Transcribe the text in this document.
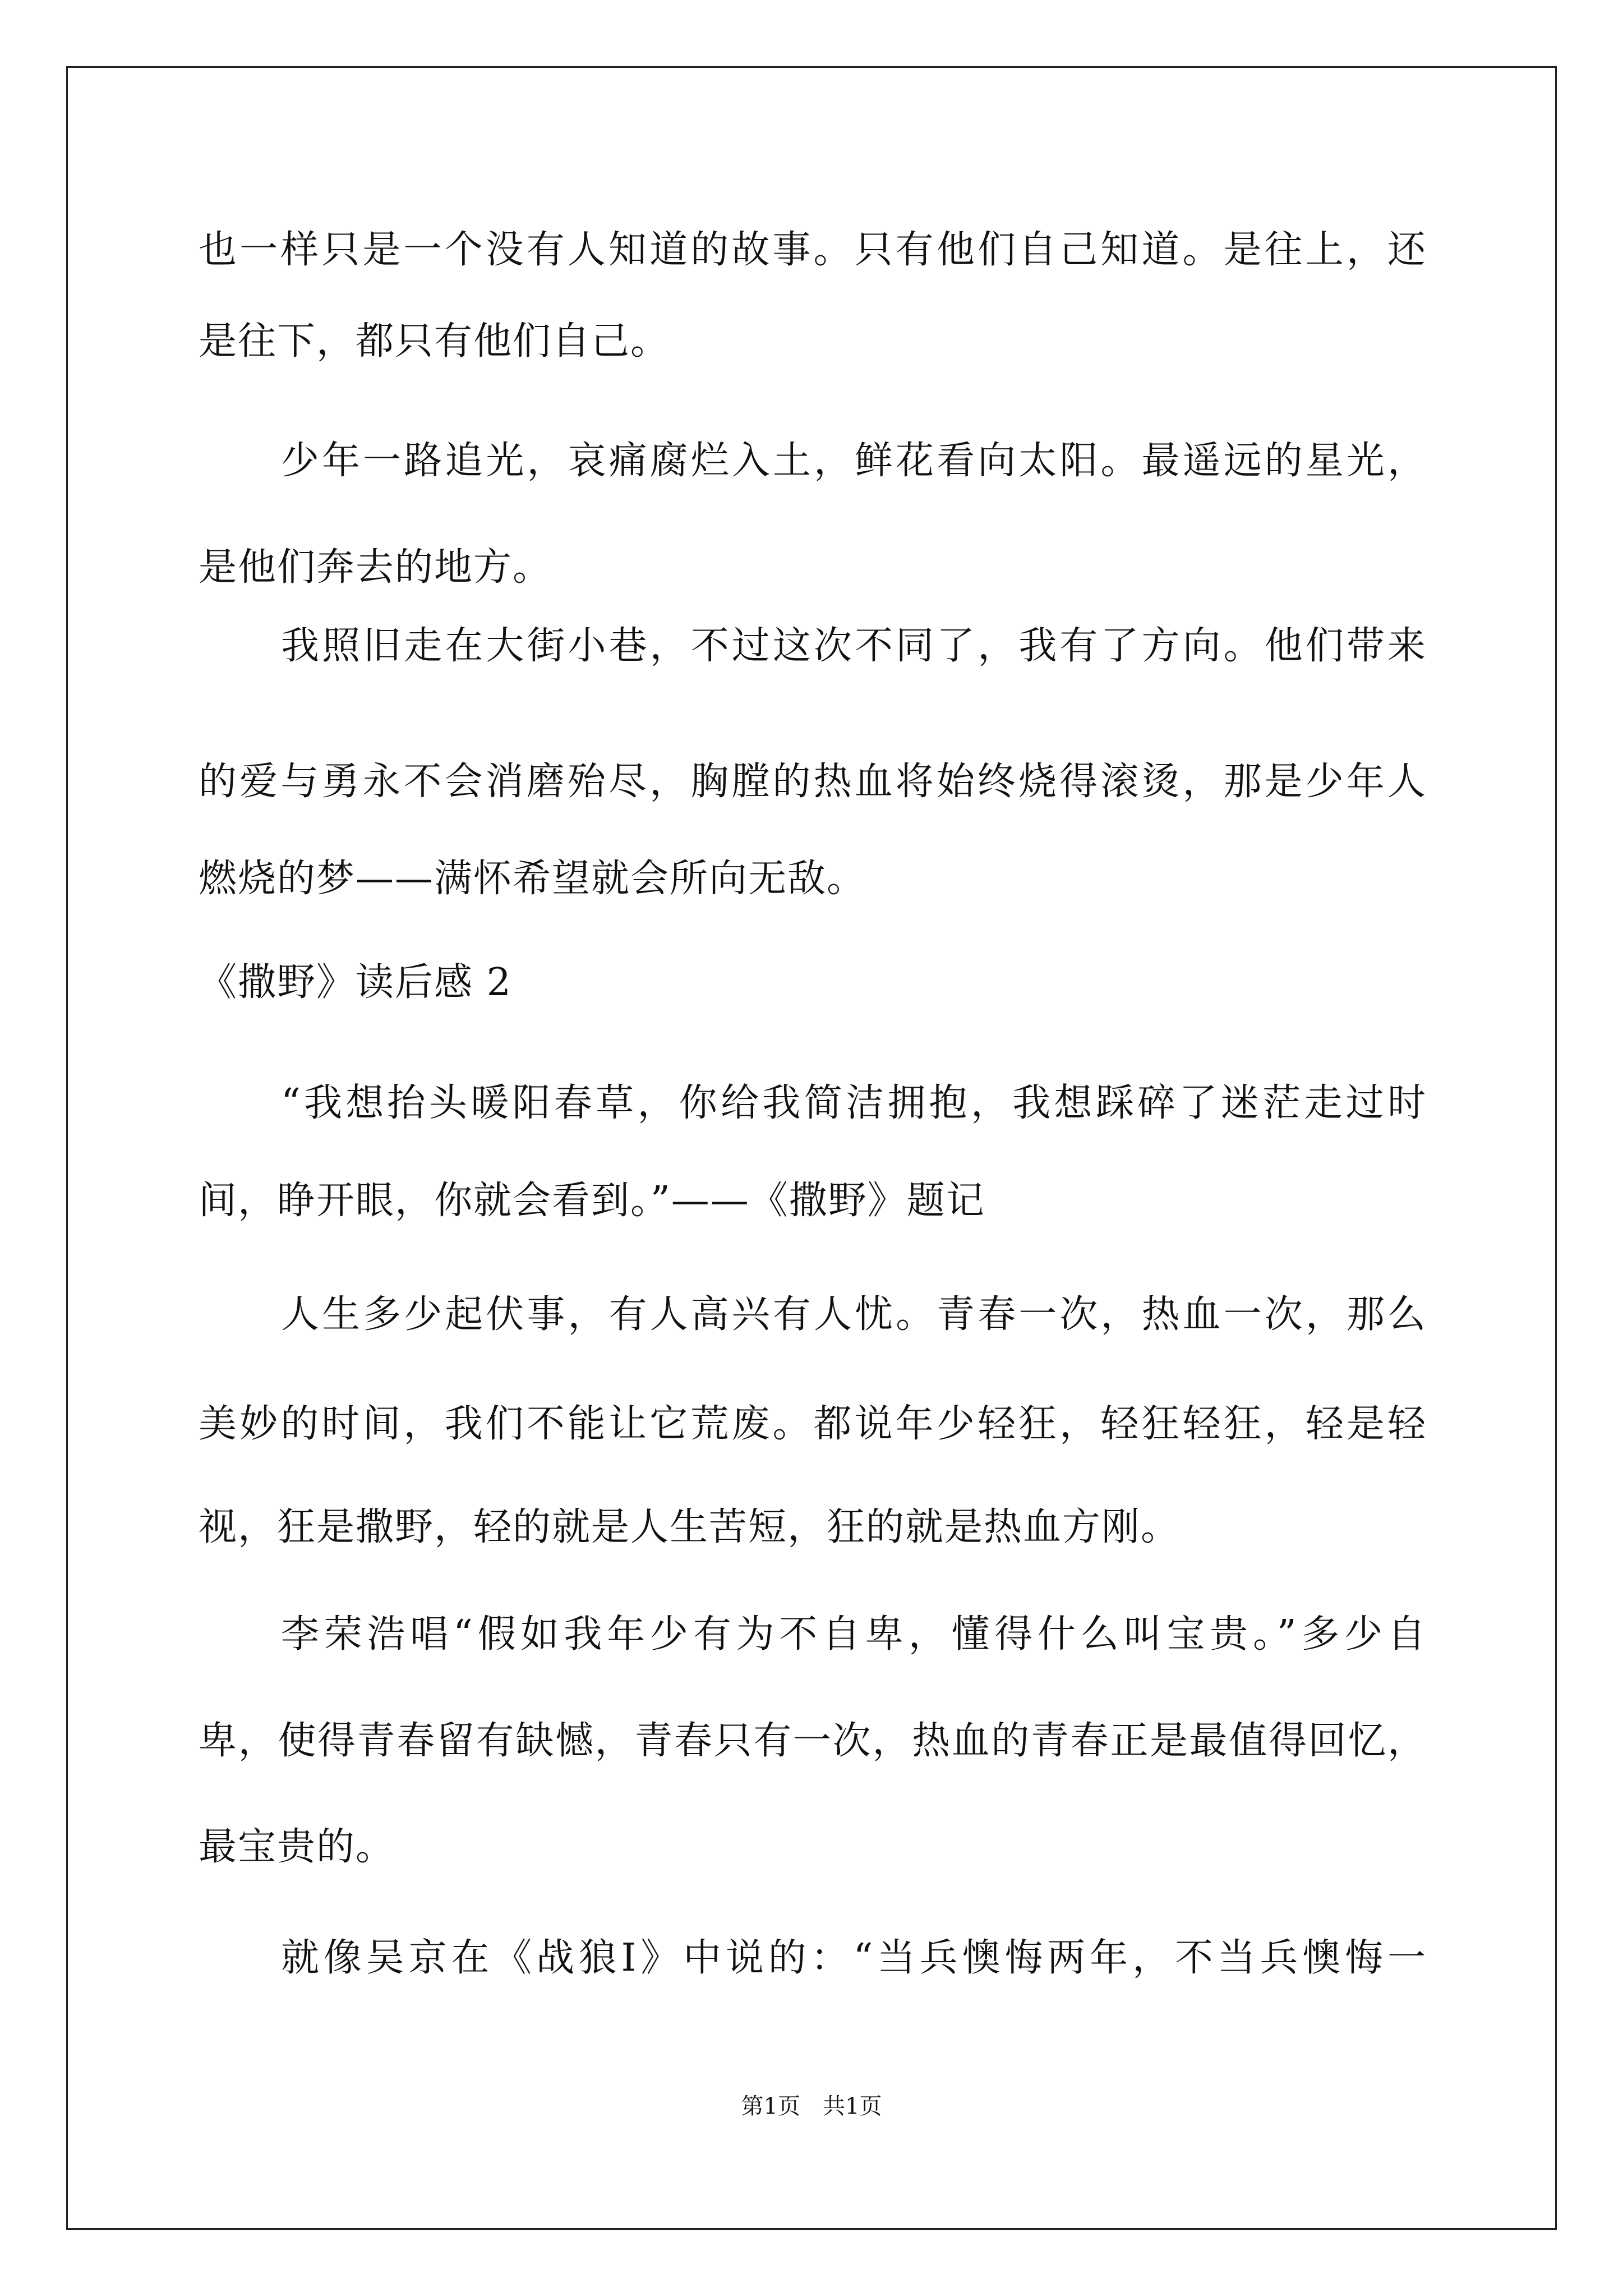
也一样只是一个没有人知道的故事。只有他们自己知道。是往上，还
是往下，都只有他们自己。
少年一路追光，哀痛腐烂入土，鲜花看向太阳。最遥远的星光，
是他们奔去的地方。
我照旧走在大街小巷，不过这次不同了，我有了方向。他们带来
的爱与勇永不会消磨殆尽，胸膛的热血将始终烧得滚烫，那是少年人
燃烧的梦——满怀希望就会所向无敌。
《撒野》读后感 2
“我想抬头暖阳春草，你给我简洁拥抱，我想踩碎了迷茫走过时
间，睁开眼，你就会看到。”——《撒野》题记
人生多少起伏事，有人高兴有人忧。青春一次，热血一次，那么
美妙的时间，我们不能让它荒废。都说年少轻狂，轻狂轻狂，轻是轻
视，狂是撒野，轻的就是人生苦短，狂的就是热血方刚。
李荣浩唱“假如我年少有为不自卑，懂得什么叫宝贵。”多少自
卑，使得青春留有缺憾，青春只有一次，热血的青春正是最值得回忆，
最宝贵的。
就像吴京在《战狼Ⅰ》中说的：“当兵懊悔两年，不当兵懊悔一
第1页　共1页
